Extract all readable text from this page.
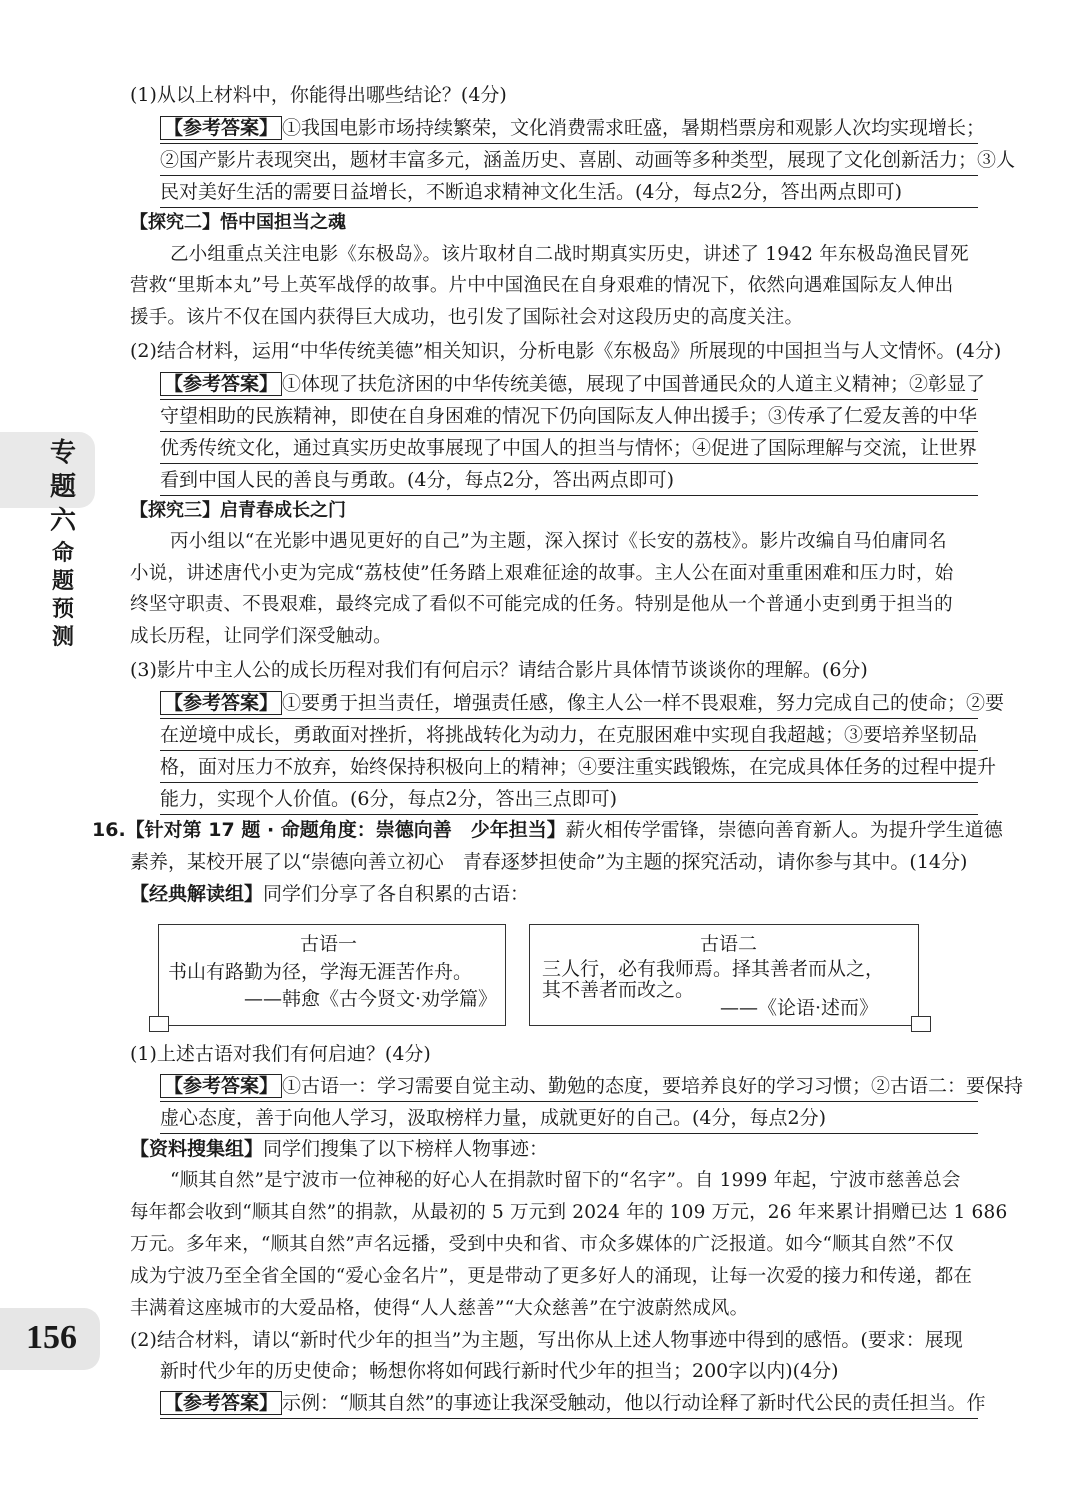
专题六
命题预测
156
(1)从以上材料中，你能得出哪些结论？(4分)
【参考答案】 ①我国电影市场持续繁荣，文化消费需求旺盛，暑期档票房和观影人次均实现增长；
②国产影片表现突出，题材丰富多元，涵盖历史、喜剧、动画等多种类型，展现了文化创新活力；③人
民对美好生活的需要日益增长，不断追求精神文化生活。(4分，每点2分，答出两点即可)
【探究二】悟中国担当之魂
乙小组重点关注电影《东极岛》。该片取材自二战时期真实历史，讲述了 1942 年东极岛渔民冒死
营救“里斯本丸”号上英军战俘的故事。片中中国渔民在自身艰难的情况下，依然向遇难国际友人伸出
援手。该片不仅在国内获得巨大成功，也引发了国际社会对这段历史的高度关注。
(2)结合材料，运用“中华传统美德”相关知识，分析电影《东极岛》所展现的中国担当与人文情怀。(4分)
【参考答案】 ①体现了扶危济困的中华传统美德，展现了中国普通民众的人道主义精神；②彰显了
守望相助的民族精神，即使在自身困难的情况下仍向国际友人伸出援手；③传承了仁爱友善的中华
优秀传统文化，通过真实历史故事展现了中国人的担当与情怀；④促进了国际理解与交流，让世界
看到中国人民的善良与勇敢。(4分，每点2分，答出两点即可)
【探究三】启青春成长之门
丙小组以“在光影中遇见更好的自己”为主题，深入探讨《长安的荔枝》。影片改编自马伯庸同名
小说，讲述唐代小吏为完成“荔枝使”任务踏上艰难征途的故事。主人公在面对重重困难和压力时，始
终坚守职责、不畏艰难，最终完成了看似不可能完成的任务。特别是他从一个普通小吏到勇于担当的
成长历程，让同学们深受触动。
(3)影片中主人公的成长历程对我们有何启示？请结合影片具体情节谈谈你的理解。(6分)
【参考答案】 ①要勇于担当责任，增强责任感，像主人公一样不畏艰难，努力完成自己的使命；②要
在逆境中成长，勇敢面对挫折，将挑战转化为动力，在克服困难中实现自我超越；③要培养坚韧品
格，面对压力不放弃，始终保持积极向上的精神；④要注重实践锻炼，在完成具体任务的过程中提升
能力，实现个人价值。(6分，每点2分，答出三点即可)
16.【针对第 17 题 · 命题角度：崇德向善　少年担当】薪火相传学雷锋，崇德向善育新人。为提升学生道德
素养，某校开展了以“崇德向善立初心　青春逐梦担使命”为主题的探究活动，请你参与其中。(14分)
【经典解读组】同学们分享了各自积累的古语：
古语一
书山有路勤为径，学海无涯苦作舟。
——韩愈《古今贤文·劝学篇》
古语二
三人行，必有我师焉。择其善者而从之，
其不善者而改之。
——《论语·述而》
(1)上述古语对我们有何启迪？(4分)
【参考答案】 ①古语一：学习需要自觉主动、勤勉的态度，要培养良好的学习习惯；②古语二：要保持
虚心态度，善于向他人学习，汲取榜样力量，成就更好的自己。(4分，每点2分)
【资料搜集组】同学们搜集了以下榜样人物事迹：
“顺其自然”是宁波市一位神秘的好心人在捐款时留下的“名字”。自 1999 年起，宁波市慈善总会
每年都会收到“顺其自然”的捐款，从最初的 5 万元到 2024 年的 109 万元，26 年来累计捐赠已达 1 686
万元。多年来，“顺其自然”声名远播，受到中央和省、市众多媒体的广泛报道。如今“顺其自然”不仅
成为宁波乃至全省全国的“爱心金名片”，更是带动了更多好人的涌现，让每一次爱的接力和传递，都在
丰满着这座城市的大爱品格，使得“人人慈善”“大众慈善”在宁波蔚然成风。
(2)结合材料，请以“新时代少年的担当”为主题，写出你从上述人物事迹中得到的感悟。(要求：展现
新时代少年的历史使命；畅想你将如何践行新时代少年的担当；200字以内)(4分)
【参考答案】 示例：“顺其自然”的事迹让我深受触动，他以行动诠释了新时代公民的责任担当。作
